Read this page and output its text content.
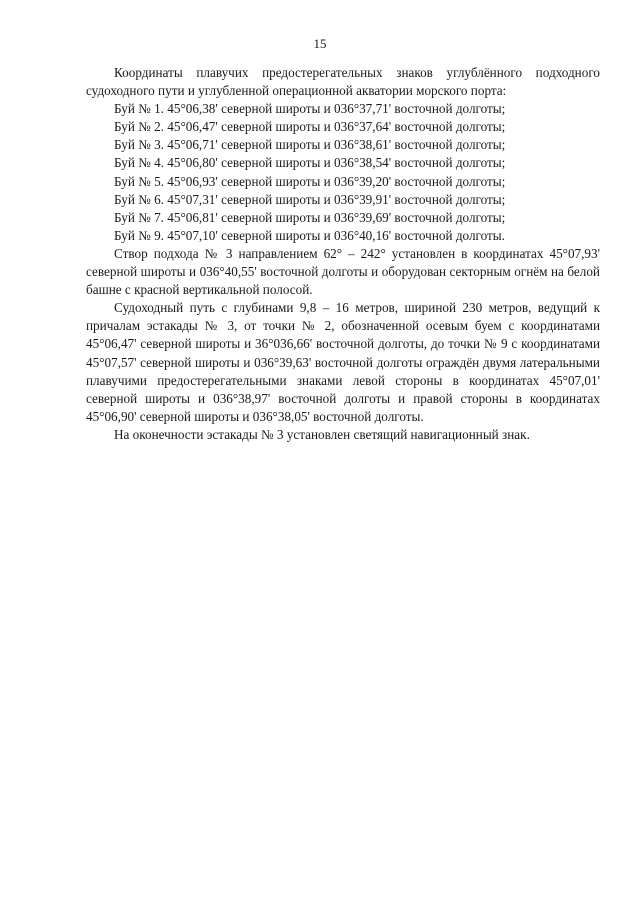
15

Координаты плавучих предостерегательных знаков углублённого подходного судоходного пути и углубленной операционной акватории морского порта:

Буй № 1. 45°06,38' северной широты и 036°37,71' восточной долготы;
Буй № 2. 45°06,47' северной широты и 036°37,64' восточной долготы;
Буй № 3. 45°06,71' северной широты и 036°38,61' восточной долготы;
Буй № 4. 45°06,80' северной широты и 036°38,54' восточной долготы;
Буй № 5. 45°06,93' северной широты и 036°39,20' восточной долготы;
Буй № 6. 45°07,31' северной широты и 036°39,91' восточной долготы;
Буй № 7. 45°06,81' северной широты и 036°39,69' восточной долготы;
Буй № 9. 45°07,10' северной широты и 036°40,16' восточной долготы.

Створ подхода № 3 направлением 62° – 242° установлен в координатах 45°07,93' северной широты и 036°40,55' восточной долготы и оборудован секторным огнём на белой башне с красной вертикальной полосой.

Судоходный путь с глубинами 9,8 – 16 метров, шириной 230 метров, ведущий к причалам эстакады № 3, от точки № 2, обозначенной осевым буем с координатами 45°06,47' северной широты и 36°036,66' восточной долготы, до точки № 9 с координатами 45°07,57' северной широты и 036°39,63' восточной долготы ограждён двумя латеральными плавучими предостерегательными знаками левой стороны в координатах 45°07,01' северной широты и 036°38,97' восточной долготы и правой стороны в координатах 45°06,90' северной широты и 036°38,05' восточной долготы.

На оконечности эстакады № 3 установлен светящий навигационный знак.
